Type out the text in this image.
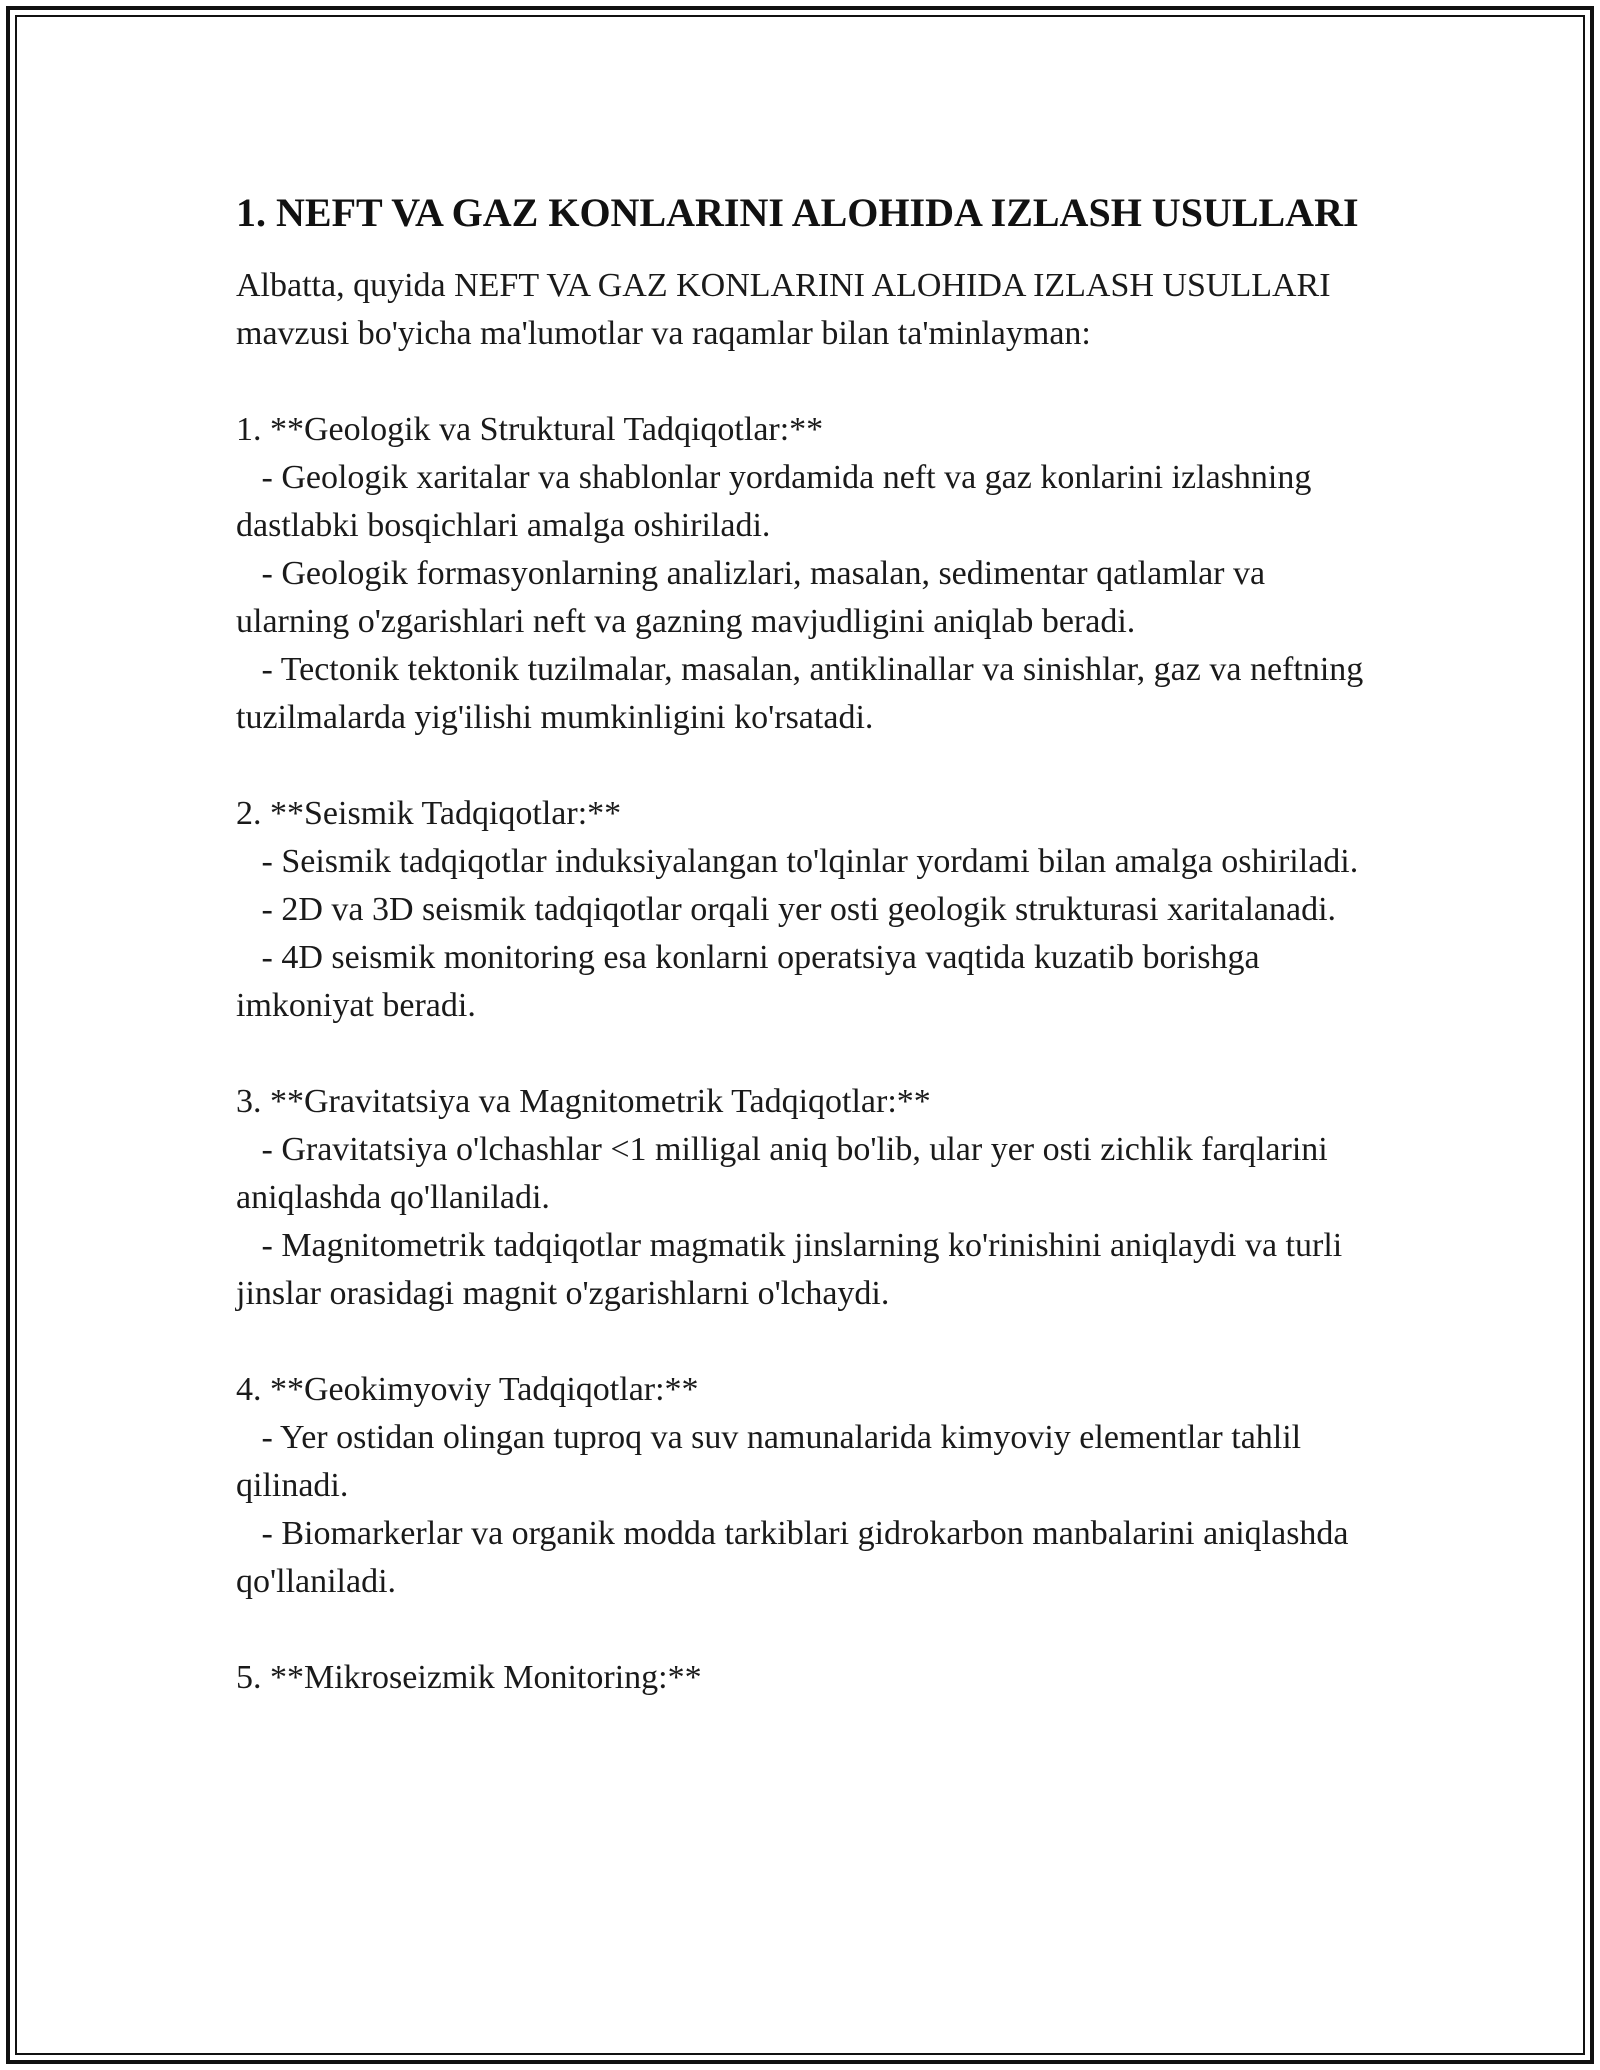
1. NEFT VA GAZ KONLARINI ALOHIDA IZLASH USULLARI

Albatta, quyida NEFT VA GAZ KONLARINI ALOHIDA IZLASH USULLARI mavzusi bo'yicha ma'lumotlar va raqamlar bilan ta'minlayman:

1. **Geologik va Struktural Tadqiqotlar:**

- Geologik xaritalar va shablonlar yordamida neft va gaz konlarini izlashning dastlabki bosqichlari amalga oshiriladi.

- Geologik formasyonlarning analizlari, masalan, sedimentar qatlamlar va ularning o'zgarishlari neft va gazning mavjudligini aniqlab beradi.

- Tectonik tektonik tuzilmalar, masalan, antiklinallar va sinishlar, gaz va neftning tuzilmalarda yig'ilishi mumkinligini ko'rsatadi.

2. **Seismik Tadqiqotlar:**

- Seismik tadqiqotlar induksiyalangan to'lqinlar yordami bilan amalga oshiriladi.

- 2D va 3D seismik tadqiqotlar orqali yer osti geologik strukturasi xaritalanadi.

- 4D seismik monitoring esa konlarni operatsiya vaqtida kuzatib borishga imkoniyat beradi.

3. **Gravitatsiya va Magnitometrik Tadqiqotlar:**

- Gravitatsiya o'lchashlar <1 milligal aniq bo'lib, ular yer osti zichlik farqlarini aniqlashda qo'llaniladi.

- Magnitometrik tadqiqotlar magmatik jinslarning ko'rinishini aniqlaydi va turli jinslar orasidagi magnit o'zgarishlarni o'lchaydi.

4. **Geokimyoviy Tadqiqotlar:**

- Yer ostidan olingan tuproq va suv namunalarida kimyoviy elementlar tahlil qilinadi.

- Biomarkerlar va organik modda tarkiblari gidrokarbon manbalarini aniqlashda qo'llaniladi.

5. **Mikroseizmik Monitoring:**
